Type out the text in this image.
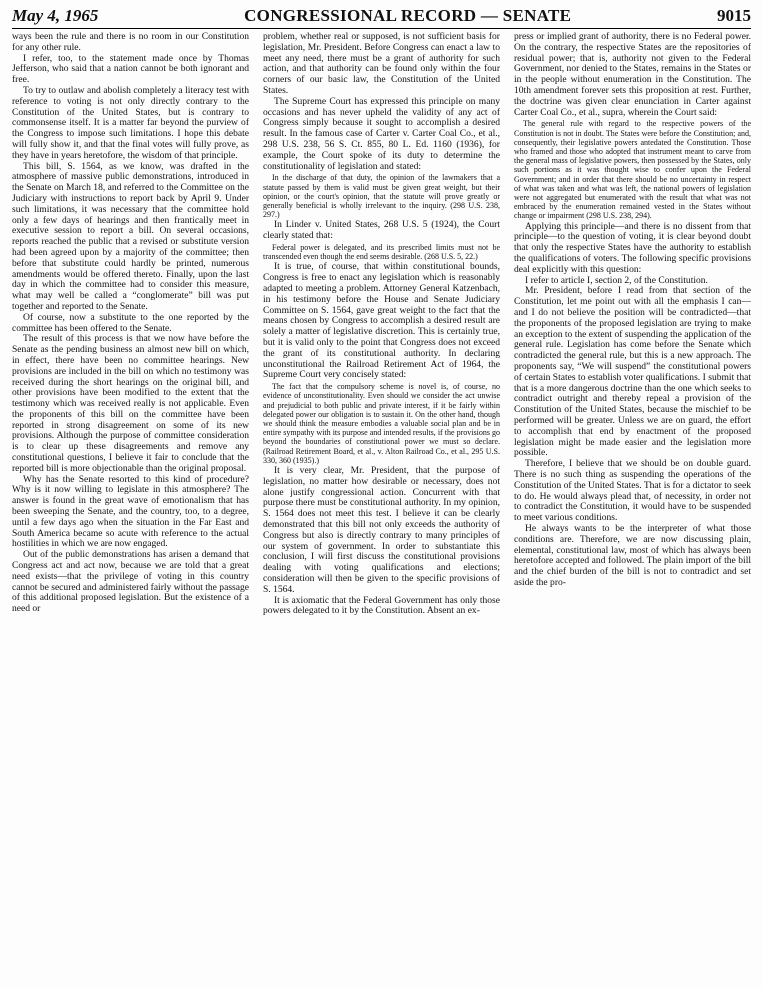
May 4, 1965	CONGRESSIONAL RECORD — SENATE	9015

ways been the rule and there is no room in our Constitution for any other rule.

I refer, too, to the statement made once by Thomas Jefferson, who said that a nation cannot be both ignorant and free.

To try to outlaw and abolish completely a literacy test with reference to voting is not only directly contrary to the Constitution of the United States, but is contrary to commonsense itself. It is a matter far beyond the purview of the Congress to impose such limitations. I hope this debate will fully show it, and that the final votes will fully prove, as they have in years heretofore, the wisdom of that principle.

This bill, S. 1564, as we know, was drafted in the atmosphere of massive public demonstrations, introduced in the Senate on March 18, and referred to the Committee on the Judiciary with instructions to report back by April 9. Under such limitations, it was necessary that the committee hold only a few days of hearings and then frantically meet in executive session to report a bill. On several occasions, reports reached the public that a revised or substitute version had been agreed upon by a majority of the committee; then before that substitute could hardly be printed, numerous amendments would be offered thereto. Finally, upon the last day in which the committee had to consider this measure, what may well be called a “conglomerate” bill was put together and reported to the Senate.

Of course, now a substitute to the one reported by the committee has been offered to the Senate.

The result of this process is that we now have before the Senate as the pending business an almost new bill on which, in effect, there have been no committee hearings. New provisions are included in the bill on which no testimony was received during the short hearings on the original bill, and other provisions have been modified to the extent that the testimony which was received really is not applicable. Even the proponents of this bill on the committee have been reported in strong disagreement on some of its new provisions. Although the purpose of committee consideration is to clear up these disagreements and remove any constitutional questions, I believe it fair to conclude that the reported bill is more objectionable than the original proposal.

Why has the Senate resorted to this kind of procedure? Why is it now willing to legislate in this atmosphere? The answer is found in the great wave of emotionalism that has been sweeping the Senate, and the country, too, to a degree, until a few days ago when the situation in the Far East and South America became so acute with reference to the actual hostilities in which we are now engaged.

Out of the public demonstrations has arisen a demand that Congress act and act now, because we are told that a great need exists—that the privilege of voting in this country cannot be secured and administered fairly without the passage of this additional proposed legislation. But the existence of a need or

problem, whether real or supposed, is not sufficient basis for legislation, Mr. President. Before Congress can enact a law to meet any need, there must be a grant of authority for such action, and that authority can be found only within the four corners of our basic law, the Constitution of the United States.

The Supreme Court has expressed this principle on many occasions and has never upheld the validity of any act of Congress simply because it sought to accomplish a desired result. In the famous case of Carter v. Carter Coal Co., et al., 298 U.S. 238, 56 S. Ct. 855, 80 L. Ed. 1160 (1936), for example, the Court spoke of its duty to determine the constitutionality of legislation and stated:

In the discharge of that duty, the opinion of the lawmakers that a statute passed by them is valid must be given great weight, but their opinion, or the court's opinion, that the statute will prove greatly or generally beneficial is wholly irrelevant to the inquiry. (298 U.S. 238, 297.)

In Linder v. United States, 268 U.S. 5 (1924), the Court clearly stated that:

Federal power is delegated, and its prescribed limits must not be transcended even though the end seems desirable. (268 U.S. 5, 22.)

It is true, of course, that within constitutional bounds, Congress is free to enact any legislation which is reasonably adapted to meeting a problem. Attorney General Katzenbach, in his testimony before the House and Senate Judiciary Committee on S. 1564, gave great weight to the fact that the means chosen by Congress to accomplish a desired result are solely a matter of legislative discretion. This is certainly true, but it is valid only to the point that Congress does not exceed the grant of its constitutional authority. In declaring unconstitutional the Railroad Retirement Act of 1964, the Supreme Court very concisely stated:

The fact that the compulsory scheme is novel is, of course, no evidence of unconstitutionality. Even should we consider the act unwise and prejudicial to both public and private interest, if it be fairly within delegated power our obligation is to sustain it. On the other hand, though we should think the measure embodies a valuable social plan and be in entire sympathy with its purpose and intended results, if the provisions go beyond the boundaries of constitutional power we must so declare. (Railroad Retirement Board, et al., v. Alton Railroad Co., et al., 295 U.S. 330, 360 (1935).)

It is very clear, Mr. President, that the purpose of legislation, no matter how desirable or necessary, does not alone justify congressional action. Concurrent with that purpose there must be constitutional authority. In my opinion, S. 1564 does not meet this test. I believe it can be clearly demonstrated that this bill not only exceeds the authority of Congress but also is directly contrary to many principles of our system of government. In order to substantiate this conclusion, I will first discuss the constitutional provisions dealing with voting qualifications and elections; consideration will then be given to the specific provisions of S. 1564.

It is axiomatic that the Federal Government has only those powers delegated to it by the Constitution. Absent an ex-

press or implied grant of authority, there is no Federal power. On the contrary, the respective States are the repositories of residual power; that is, authority not given to the Federal Government, nor denied to the States, remains in the States or in the people without enumeration in the Constitution. The 10th amendment forever sets this proposition at rest. Further, the doctrine was given clear enunciation in Carter against Carter Coal Co., et al., supra, wherein the Court said:

The general rule with regard to the respective powers of the Constitution is not in doubt. The States were before the Constitution; and, consequently, their legislative powers antedated the Constitution. Those who framed and those who adopted that instrument meant to carve from the general mass of legislative powers, then possessed by the States, only such portions as it was thought wise to confer upon the Federal Government; and in order that there should be no uncertainty in respect of what was taken and what was left, the national powers of legislation were not aggregated but enumerated with the result that what was not embraced by the enumeration remained vested in the States without change or impairment (298 U.S. 238, 294).

Applying this principle—and there is no dissent from that principle—to the question of voting, it is clear beyond doubt that only the respective States have the authority to establish the qualifications of voters. The following specific provisions deal explicitly with this question:

I refer to article I, section 2, of the Constitution.

Mr. President, before I read from that section of the Constitution, let me point out with all the emphasis I can—and I do not believe the position will be contradicted—that the proponents of the proposed legislation are trying to make an exception to the extent of suspending the application of the general rule. Legislation has come before the Senate which contradicted the general rule, but this is a new approach. The proponents say, “We will suspend” the constitutional powers of certain States to establish voter qualifications. I submit that that is a more dangerous doctrine than the one which seeks to contradict outright and thereby repeal a provision of the Constitution of the United States, because the mischief to be performed will be greater. Unless we are on guard, the effort to accomplish that end by enactment of the proposed legislation might be made easier and the legislation more possible.

Therefore, I believe that we should be on double guard. There is no such thing as suspending the operations of the Constitution of the United States. That is for a dictator to seek to do. He would always plead that, of necessity, in order not to contradict the Constitution, it would have to be suspended to meet various conditions.

He always wants to be the interpreter of what those conditions are. Therefore, we are now discussing plain, elemental, constitutional law, most of which has always been heretofore accepted and followed. The plain import of the bill and the chief burden of the bill is not to contradict and set aside the pro-
